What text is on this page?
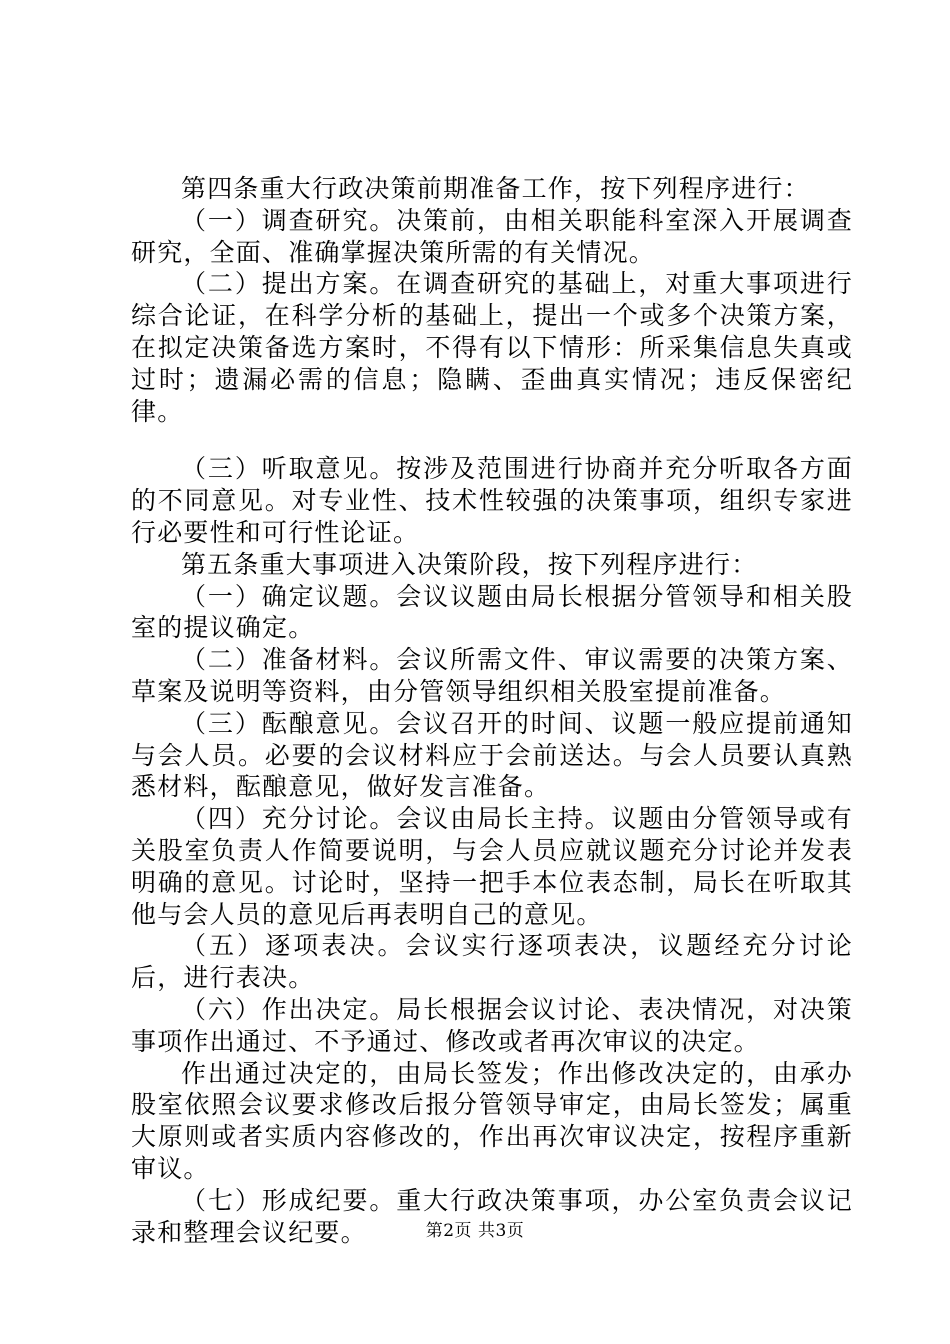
第四条重大行政决策前期准备工作，按下列程序进行：

（一）调查研究。决策前，由相关职能科室深入开展调查研究，全面、准确掌握决策所需的有关情况。

（二）提出方案。在调查研究的基础上，对重大事项进行综合论证，在科学分析的基础上，提出一个或多个决策方案，在拟定决策备选方案时，不得有以下情形：所采集信息失真或过时；遗漏必需的信息；隐瞒、歪曲真实情况；违反保密纪律。

（三）听取意见。按涉及范围进行协商并充分听取各方面的不同意见。对专业性、技术性较强的决策事项，组织专家进行必要性和可行性论证。

第五条重大事项进入决策阶段，按下列程序进行：

（一）确定议题。会议议题由局长根据分管领导和相关股室的提议确定。

（二）准备材料。会议所需文件、审议需要的决策方案、草案及说明等资料，由分管领导组织相关股室提前准备。

（三）酝酿意见。会议召开的时间、议题一般应提前通知与会人员。必要的会议材料应于会前送达。与会人员要认真熟悉材料，酝酿意见，做好发言准备。

（四）充分讨论。会议由局长主持。议题由分管领导或有关股室负责人作简要说明，与会人员应就议题充分讨论并发表明确的意见。讨论时，坚持一把手本位表态制，局长在听取其他与会人员的意见后再表明自己的意见。

（五）逐项表决。会议实行逐项表决，议题经充分讨论后，进行表决。

（六）作出决定。局长根据会议讨论、表决情况，对决策事项作出通过、不予通过、修改或者再次审议的决定。

作出通过决定的，由局长签发；作出修改决定的，由承办股室依照会议要求修改后报分管领导审定，由局长签发；属重大原则或者实质内容修改的，作出再次审议决定，按程序重新审议。

（七）形成纪要。重大行政决策事项，办公室负责会议记录和整理会议纪要。	第2页 共3页
